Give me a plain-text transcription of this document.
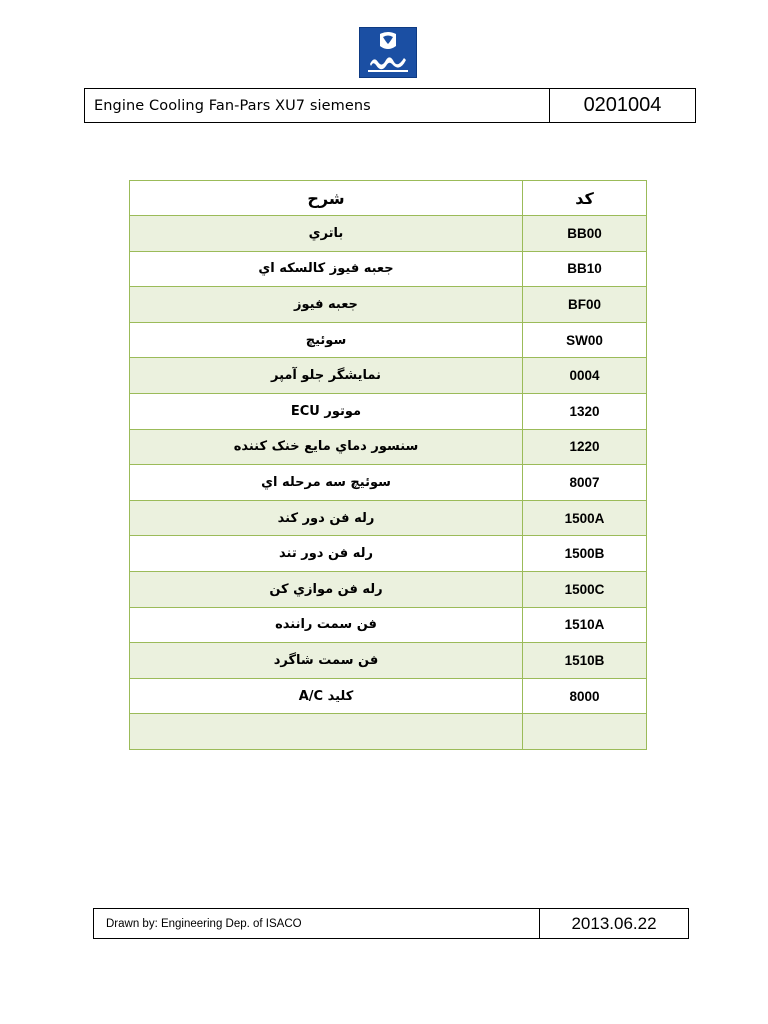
Engine Cooling Fan-Pars XU7 siemens	0201004
شرح	کد
باتري	BB00
جعبه فيوز کالسکه اي	BB10
جعبه فيوز	BF00
سوئيچ	SW00
نمايشگر جلو آمپر	0004
موتور ECU	1320
سنسور دماي مايع خنک کننده	1220
سوئيچ سه مرحله اي	8007
رله فن دور کند	1500A
رله فن دور تند	1500B
رله فن موازي کن	1500C
فن سمت راننده	1510A
فن سمت شاگرد	1510B
کليد A/C	8000

Drawn by: Engineering Dep. of ISACO	2013.06.22
